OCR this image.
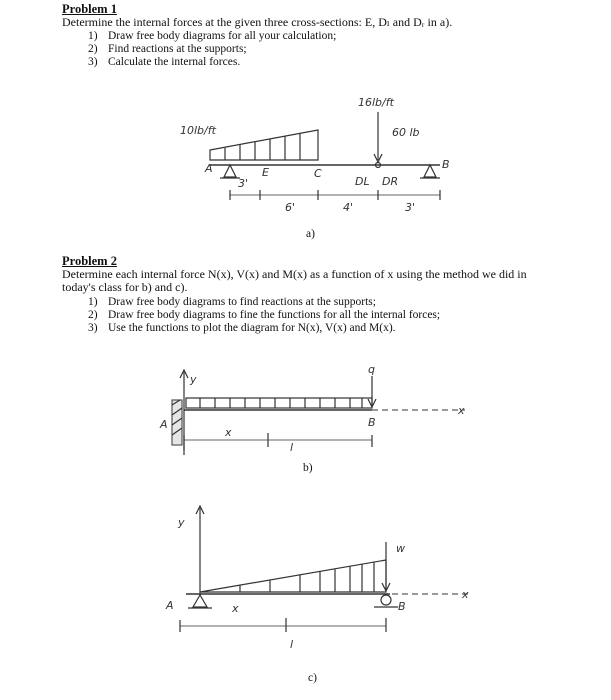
Problem 1
Determine the internal forces at the given three cross-sections: E, Dₗ and Dᵣ in a).
1) Draw free body diagrams for all your calculation;
2) Find reactions at the supports;
3) Calculate the internal forces.
10lb/ft
16lb/ft
60 lb
A	E	C
DL DR
B
3'
6'	4'	3'
a)
Problem 2
Determine each internal force N(x), V(x) and M(x) as a function of x using the method we did in
today's class for b) and c).
1) Draw free body diagrams to find reactions at the supports;
2) Draw free body diagrams to fine the functions for all the internal forces;
3) Use the functions to plot the diagram for N(x), V(x) and M(x).
y
q
A	B
x
x
l
b)
y
w
A	B
x
x
l
c)
